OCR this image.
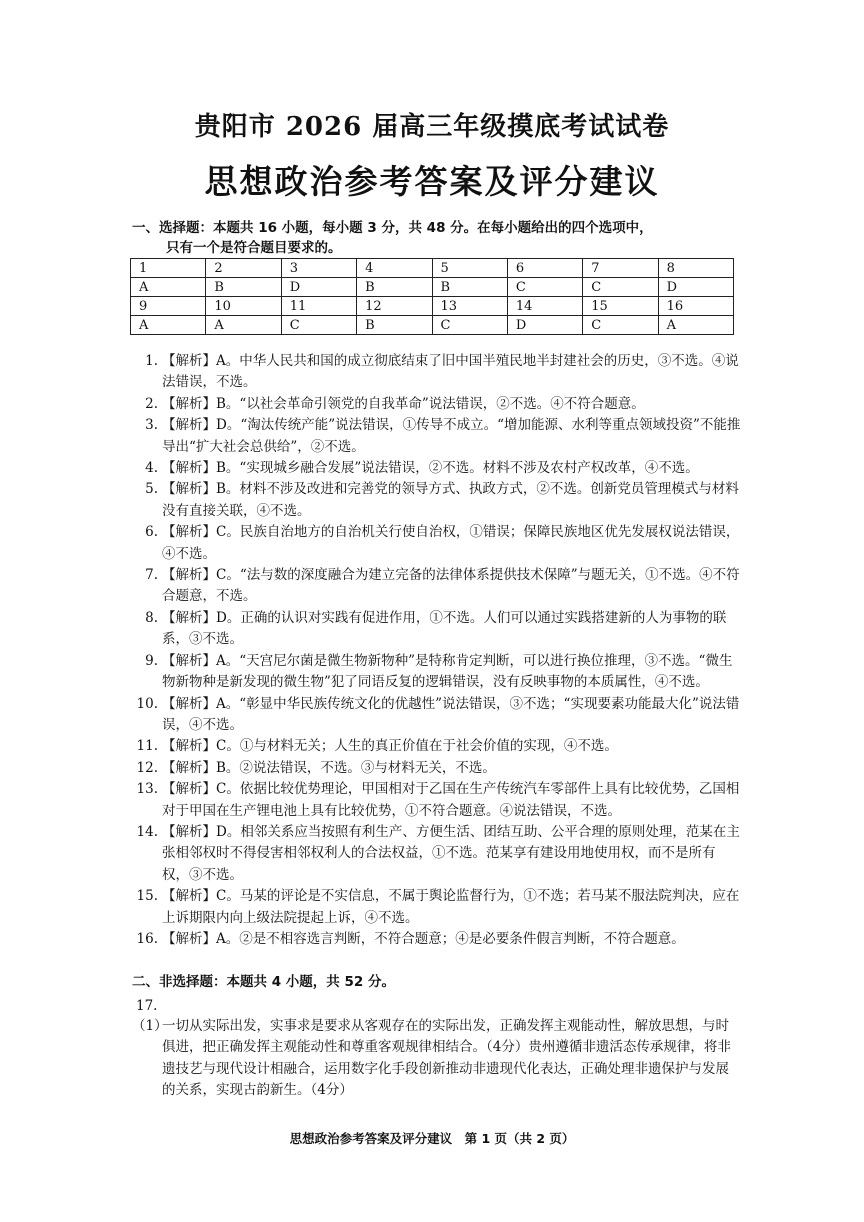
贵阳市 2026 届高三年级摸底考试试卷
思想政治参考答案及评分建议
一、选择题：本题共 16 小题，每小题 3 分，共 48 分。在每小题给出的四个选项中，
只有一个是符合题目要求的。
1	2	3	4	5	6	7	8
A	B	D	B	B	C	C	D
9	10	11	12	13	14	15	16
A	A	C	B	C	D	C	A
1. 【解析】A。中华人民共和国的成立彻底结束了旧中国半殖民地半封建社会的历史，③不选。④说法错误，不选。
2. 【解析】B。“以社会革命引领党的自我革命”说法错误，②不选。④不符合题意。
3. 【解析】D。“淘汰传统产能”说法错误，①传导不成立。“增加能源、水利等重点领域投资”不能推导出“扩大社会总供给”，②不选。
4. 【解析】B。“实现城乡融合发展”说法错误，②不选。材料不涉及农村产权改革，④不选。
5. 【解析】B。材料不涉及改进和完善党的领导方式、执政方式，②不选。创新党员管理模式与材料没有直接关联，④不选。
6. 【解析】C。民族自治地方的自治机关行使自治权，①错误；保障民族地区优先发展权说法错误，④不选。
7. 【解析】C。“法与数的深度融合为建立完备的法律体系提供技术保障”与题无关，①不选。④不符合题意，不选。
8. 【解析】D。正确的认识对实践有促进作用，①不选。人们可以通过实践搭建新的人为事物的联系，③不选。
9. 【解析】A。“天宫尼尔菌是微生物新物种”是特称肯定判断，可以进行换位推理，③不选。“微生物新物种是新发现的微生物”犯了同语反复的逻辑错误，没有反映事物的本质属性，④不选。
10. 【解析】A。“彰显中华民族传统文化的优越性”说法错误，③不选；“实现要素功能最大化”说法错误，④不选。
11. 【解析】C。①与材料无关；人生的真正价值在于社会价值的实现，④不选。
12. 【解析】B。②说法错误，不选。③与材料无关，不选。
13. 【解析】C。依据比较优势理论，甲国相对于乙国在生产传统汽车零部件上具有比较优势，乙国相对于甲国在生产锂电池上具有比较优势，①不符合题意。④说法错误，不选。
14. 【解析】D。相邻关系应当按照有利生产、方便生活、团结互助、公平合理的原则处理，范某在主张相邻权时不得侵害相邻权利人的合法权益，①不选。范某享有建设用地使用权，而不是所有权，③不选。
15. 【解析】C。马某的评论是不实信息，不属于舆论监督行为，①不选；若马某不服法院判决，应在上诉期限内向上级法院提起上诉，④不选。
16. 【解析】A。②是不相容选言判断，不符合题意；④是必要条件假言判断，不符合题意。
二、非选择题：本题共 4 小题，共 52 分。
17.
（1）
一切从实际出发，实事求是要求从客观存在的实际出发，正确发挥主观能动性，解放思想，与时俱进，把正确发挥主观能动性和尊重客观规律相结合。（4分）贵州遵循非遗活态传承规律，将非遗技艺与现代设计相融合，运用数字化手段创新推动非遗现代化表达，正确处理非遗保护与发展的关系，实现古韵新生。（4分）
思想政治参考答案及评分建议　第 1 页（共 2 页）
